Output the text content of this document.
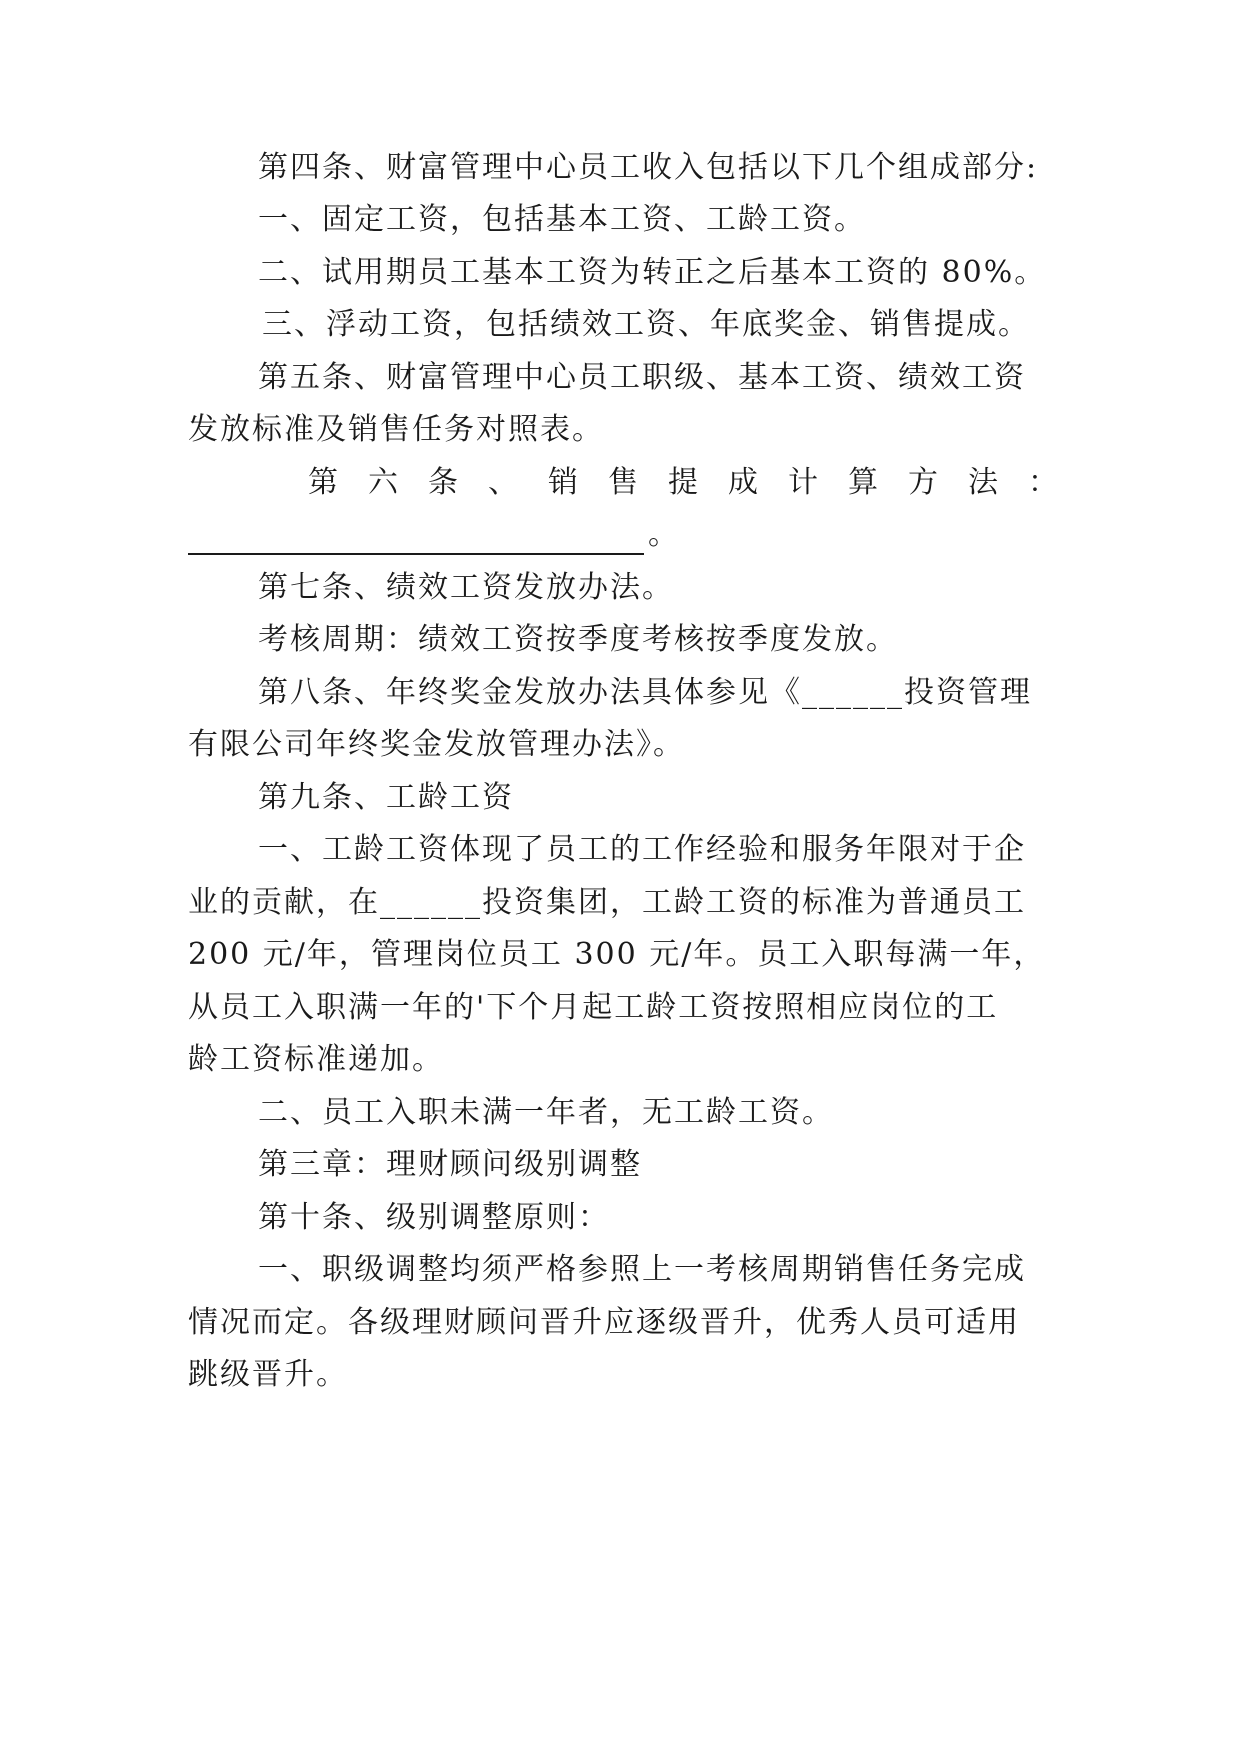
第四条、财富管理中心员工收入包括以下几个组成部分:
一、固定工资，包括基本工资、工龄工资。
二、试用期员工基本工资为转正之后基本工资的 80%。
三、浮动工资，包括绩效工资、年底奖金、销售提成。
第五条、财富管理中心员工职级、基本工资、绩效工资
发放标准及销售任务对照表。
第 六 条 、 销 售 提 成 计 算 方 法 ：
。
第七条、绩效工资发放办法。
考核周期：绩效工资按季度考核按季度发放。
第八条、年终奖金发放办法具体参见《______投资管理
有限公司年终奖金发放管理办法》。
第九条、工龄工资
一、工龄工资体现了员工的工作经验和服务年限对于企
业的贡献，在______投资集团，工龄工资的标准为普通员工
200 元/年，管理岗位员工 300 元/年。员工入职每满一年，
从员工入职满一年的'下个月起工龄工资按照相应岗位的工
龄工资标准递加。
二、员工入职未满一年者，无工龄工资。
第三章：理财顾问级别调整
第十条、级别调整原则：
一、职级调整均须严格参照上一考核周期销售任务完成
情况而定。各级理财顾问晋升应逐级晋升，优秀人员可适用
跳级晋升。
